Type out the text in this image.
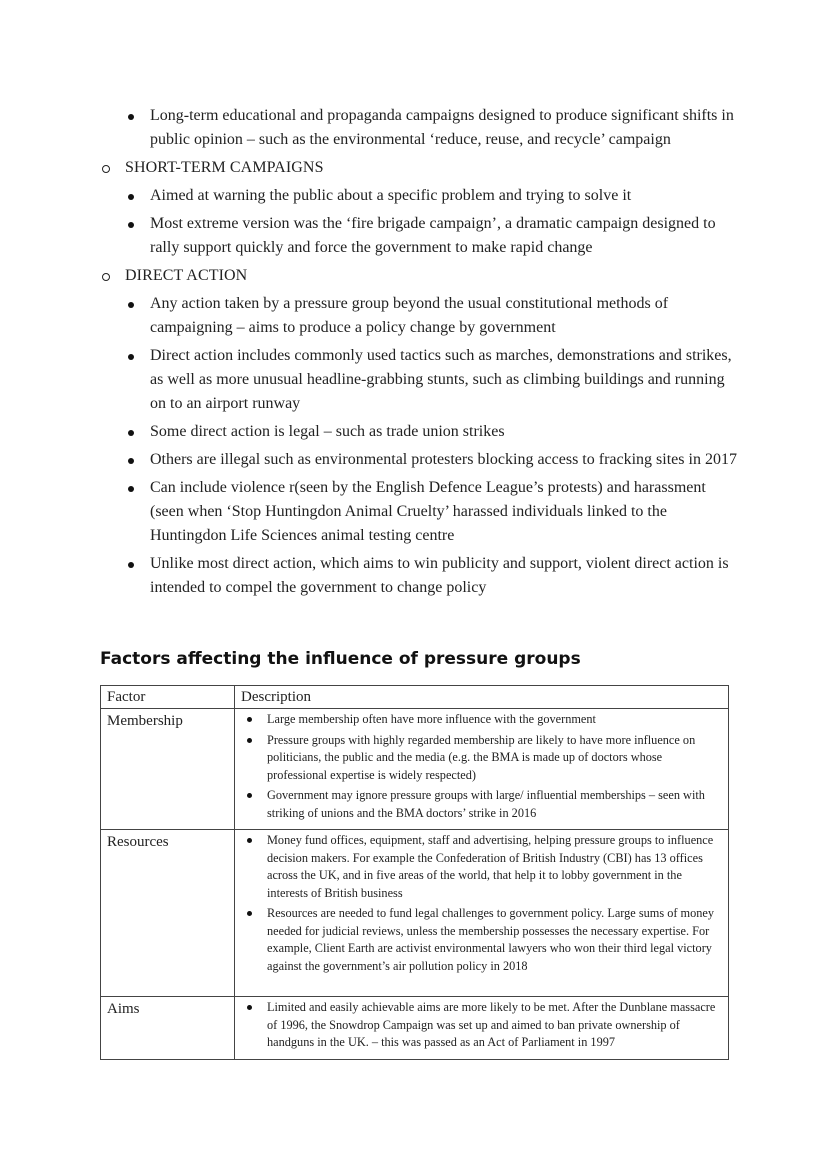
Long-term educational and propaganda campaigns designed to produce significant shifts in public opinion – such as the environmental ‘reduce, reuse, and recycle’ campaign
SHORT-TERM CAMPAIGNS
Aimed at warning the public about a specific problem and trying to solve it
Most extreme version was the ‘fire brigade campaign’, a dramatic campaign designed to rally support quickly and force the government to make rapid change
DIRECT ACTION
Any action taken by a pressure group beyond the usual constitutional methods of campaigning – aims to produce a policy change by government
Direct action includes commonly used tactics such as marches, demonstrations and strikes, as well as more unusual headline-grabbing stunts, such as climbing buildings and running on to an airport runway
Some direct action is legal – such as trade union strikes
Others are illegal such as environmental protesters blocking access to fracking sites in 2017
Can include violence r(seen by the English Defence League’s protests) and harassment (seen when ‘Stop Huntingdon Animal Cruelty’ harassed individuals linked to the Huntingdon Life Sciences animal testing centre
Unlike most direct action, which aims to win publicity and support, violent direct action is intended to compel the government to change policy
Factors affecting the influence of pressure groups
Factor	Description
Membership	Large membership often have more influence with the government
Pressure groups with highly regarded membership are likely to have more influence on politicians, the public and the media (e.g. the BMA is made up of doctors whose professional expertise is widely respected)
Government may ignore pressure groups with large/ influential memberships – seen with striking of unions and the BMA doctors’ strike in 2016

Resources	Money fund offices, equipment, staff and advertising, helping pressure groups to influence decision makers. For example the Confederation of British Industry (CBI) has 13 offices across the UK, and in five areas of the world, that help it to lobby government in the interests of British business
Resources are needed to fund legal challenges to government policy. Large sums of money needed for judicial reviews, unless the membership possesses the necessary expertise. For example, Client Earth are activist environmental lawyers who won their third legal victory against the government’s air pollution policy in 2018

Aims	Limited and easily achievable aims are more likely to be met. After the Dunblane massacre of 1996, the Snowdrop Campaign was set up and aimed to ban private ownership of handguns in the UK. – this was passed as an Act of Parliament in 1997
